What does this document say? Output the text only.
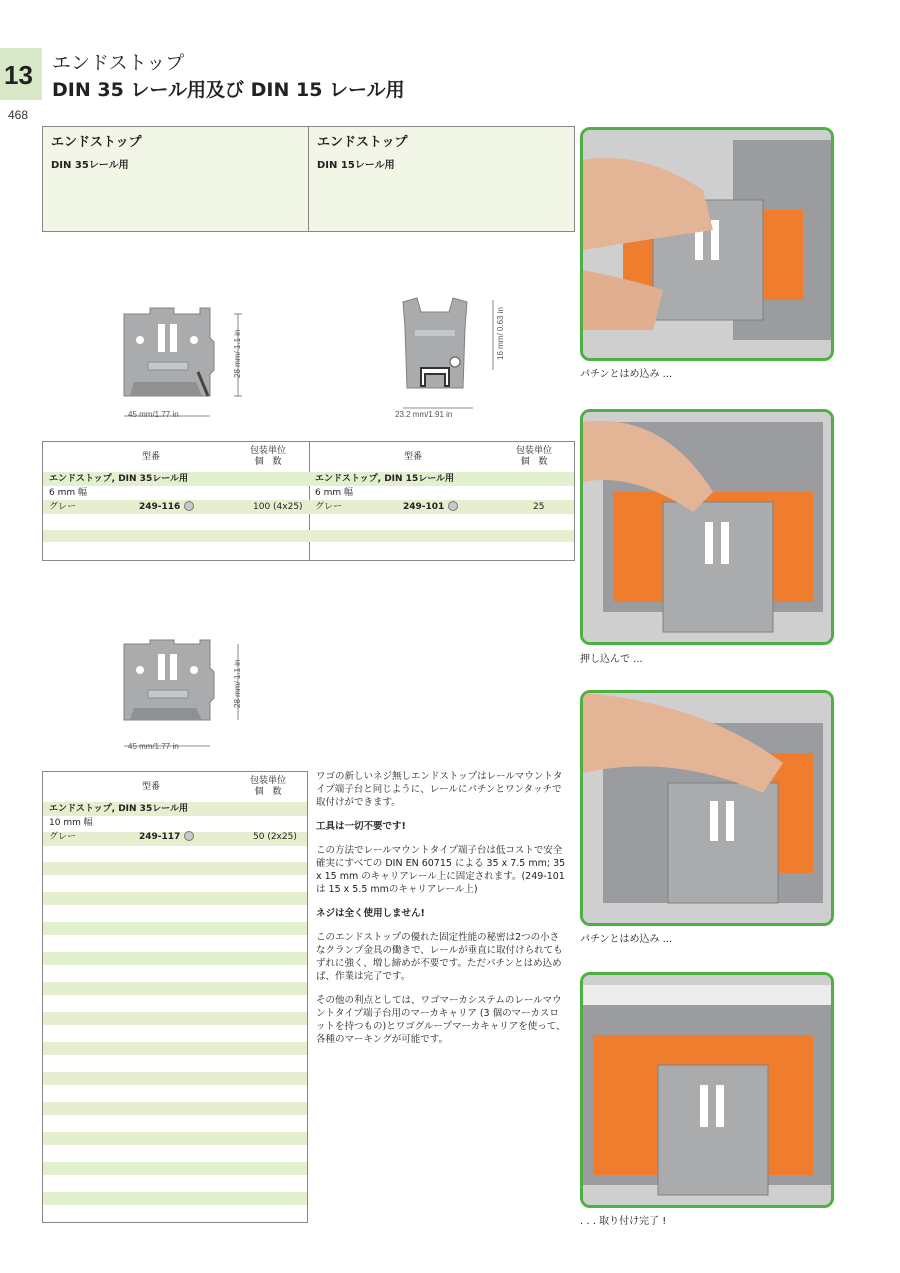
13
468
エンドストップ
DIN 35 レール用及び DIN 15 レール用
エンドストップ
DIN 35レール用
エンドストップ
DIN 15レール用
45 mm/1.77 in
28 mm/ 1.1 in
23.2 mm/1.91 in
16 mm/ 0.63 in
型番
包装単位
個　数	型番
包装単位
個　数
エンドストップ, DIN 35レール用
6 mm 幅
グレー	249-116	100 (4x25)
エンドストップ, DIN 15レール用
6 mm 幅
グレー	249-101	25
45 mm/1.77 in
28 mm/ 1.1 in
型番
包装単位
個　数
エンドストップ, DIN 35レール用
10 mm 幅
グレー	249-117	50 (2x25)

ワゴの新しいネジ無しエンドストップはレールマウントタイプ端子台と同じように、レールにパチンとワンタッチで取付けができます。

工具は一切不要です!

この方法でレールマウントタイプ端子台は低コストで安全確実にすべての DIN EN 60715 による 35 x 7.5 mm; 35 x 15 mm のキャリアレール上に固定されます。(249-101は 15 x 5.5 mmのキャリアレール上)

ネジは全く使用しません!

このエンドストップの優れた固定性能の秘密は2つの小さなクランプ金具の働きで、レールが垂直に取付けられてもずれに強く、増し締めが不要です。ただパチンとはめ込めば、作業は完了です。

その他の利点としては、ワゴマーカシステムのレールマウントタイプ端子台用のマーカキャリア (3 個のマーカスロットを持つもの)とワゴグループマーカキャリアを使って、各種のマーキングが可能です。

パチンとはめ込み ...
押し込んで ...
パチンとはめ込み ...
. . . 取り付け完了 !
